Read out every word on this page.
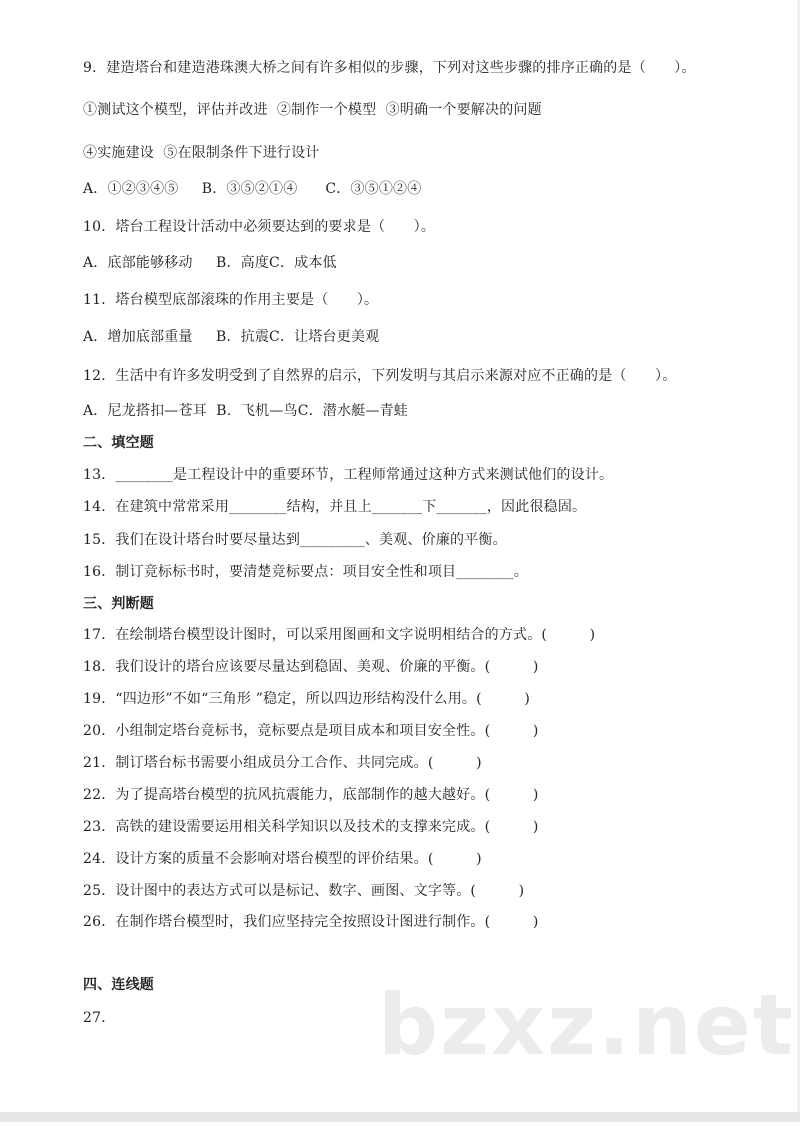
bzxz.net
9．建造塔台和建造港珠澳大桥之间有许多相似的步骤，下列对这些步骤的排序正确的是（　　）。
①测试这个模型，评估并改进  ②制作一个模型  ③明确一个要解决的问题
④实施建设  ⑤在限制条件下进行设计
A．①②③④⑤     B．③⑤②①④      C．③⑤①②④
10．塔台工程设计活动中必须要达到的要求是（　　）。
A．底部能够移动     B．高度C．成本低
11．塔台模型底部滚珠的作用主要是（　　）。
A．增加底部重量     B．抗震C．让塔台更美观
12．生活中有许多发明受到了自然界的启示，下列发明与其启示来源对应不正确的是（　　）。
A．尼龙搭扣—苍耳  B．飞机—鸟C．潜水艇—青蛙
二、填空题
13．________是工程设计中的重要环节，工程师常通过这种方式来测试他们的设计。
14．在建筑中常常采用________结构，并且上_______下_______，因此很稳固。
15．我们在设计塔台时要尽量达到_________、美观、价廉的平衡。
16．制订竞标标书时，要清楚竞标要点：项目安全性和项目________。
三、判断题
17．在绘制塔台模型设计图时，可以采用图画和文字说明相结合的方式。(　　　)
18．我们设计的塔台应该要尽量达到稳固、美观、价廉的平衡。(　　　)
19．“四边形”不如“三角形 ”稳定，所以四边形结构没什么用。(　　　)
20．小组制定塔台竞标书，竞标要点是项目成本和项目安全性。(　　　)
21．制订塔台标书需要小组成员分工合作、共同完成。(　　　)
22．为了提高塔台模型的抗风抗震能力，底部制作的越大越好。(　　　)
23．高铁的建设需要运用相关科学知识以及技术的支撑来完成。(　　　)
24．设计方案的质量不会影响对塔台模型的评价结果。(　　　)
25．设计图中的表达方式可以是标记、数字、画图、文字等。(　　　)
26．在制作塔台模型时，我们应坚持完全按照设计图进行制作。(　　　)
四、连线题
27．
